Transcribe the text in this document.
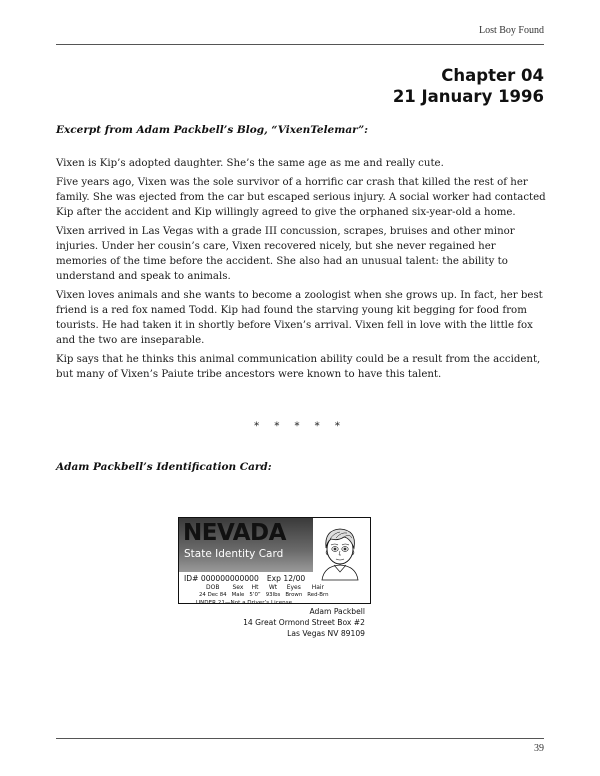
Lost Boy Found
Chapter 04
21 January 1996
Excerpt from Adam Packbell’s Blog, “VixenTelemar”:

Vixen is Kip’s adopted daughter. She’s the same age as me and really cute.

Five years ago, Vixen was the sole survivor of a horrific car crash that killed the rest of her family. She was ejected from the car but escaped serious injury. A social worker had contacted Kip after the accident and Kip willingly agreed to give the orphaned six-year-old a home.

Vixen arrived in Las Vegas with a grade III concussion, scrapes, bruises and other minor injuries. Under her cousin’s care, Vixen recovered nicely, but she never regained her memories of the time before the accident. She also had an unusual talent: the ability to understand and speak to animals.

Vixen loves animals and she wants to become a zoologist when she grows up. In fact, her best friend is a red fox named Todd. Kip had found the starving young kit begging for food from tourists. He had taken it in shortly before Vixen’s arrival. Vixen fell in love with the little fox and the two are inseparable.

Kip says that he thinks this animal communication ability could be a result from the accident, but many of Vixen’s Paiute tribe ancestors were known to have this talent.

* * * * *
Adam Packbell’s Identification Card:
NEVADA
State Identity Card
ID# 000000000000 Exp 12/00
DOB
24 Dec 84
Sex
Male
Ht
5’0”
Wt
93lbs
Eyes
Brown
Hair
Red-Brn
UNDER 21—Not a Driver’s License
Adam Packbell
14 Great Ormond Street Box #2
Las Vegas NV 89109
39
